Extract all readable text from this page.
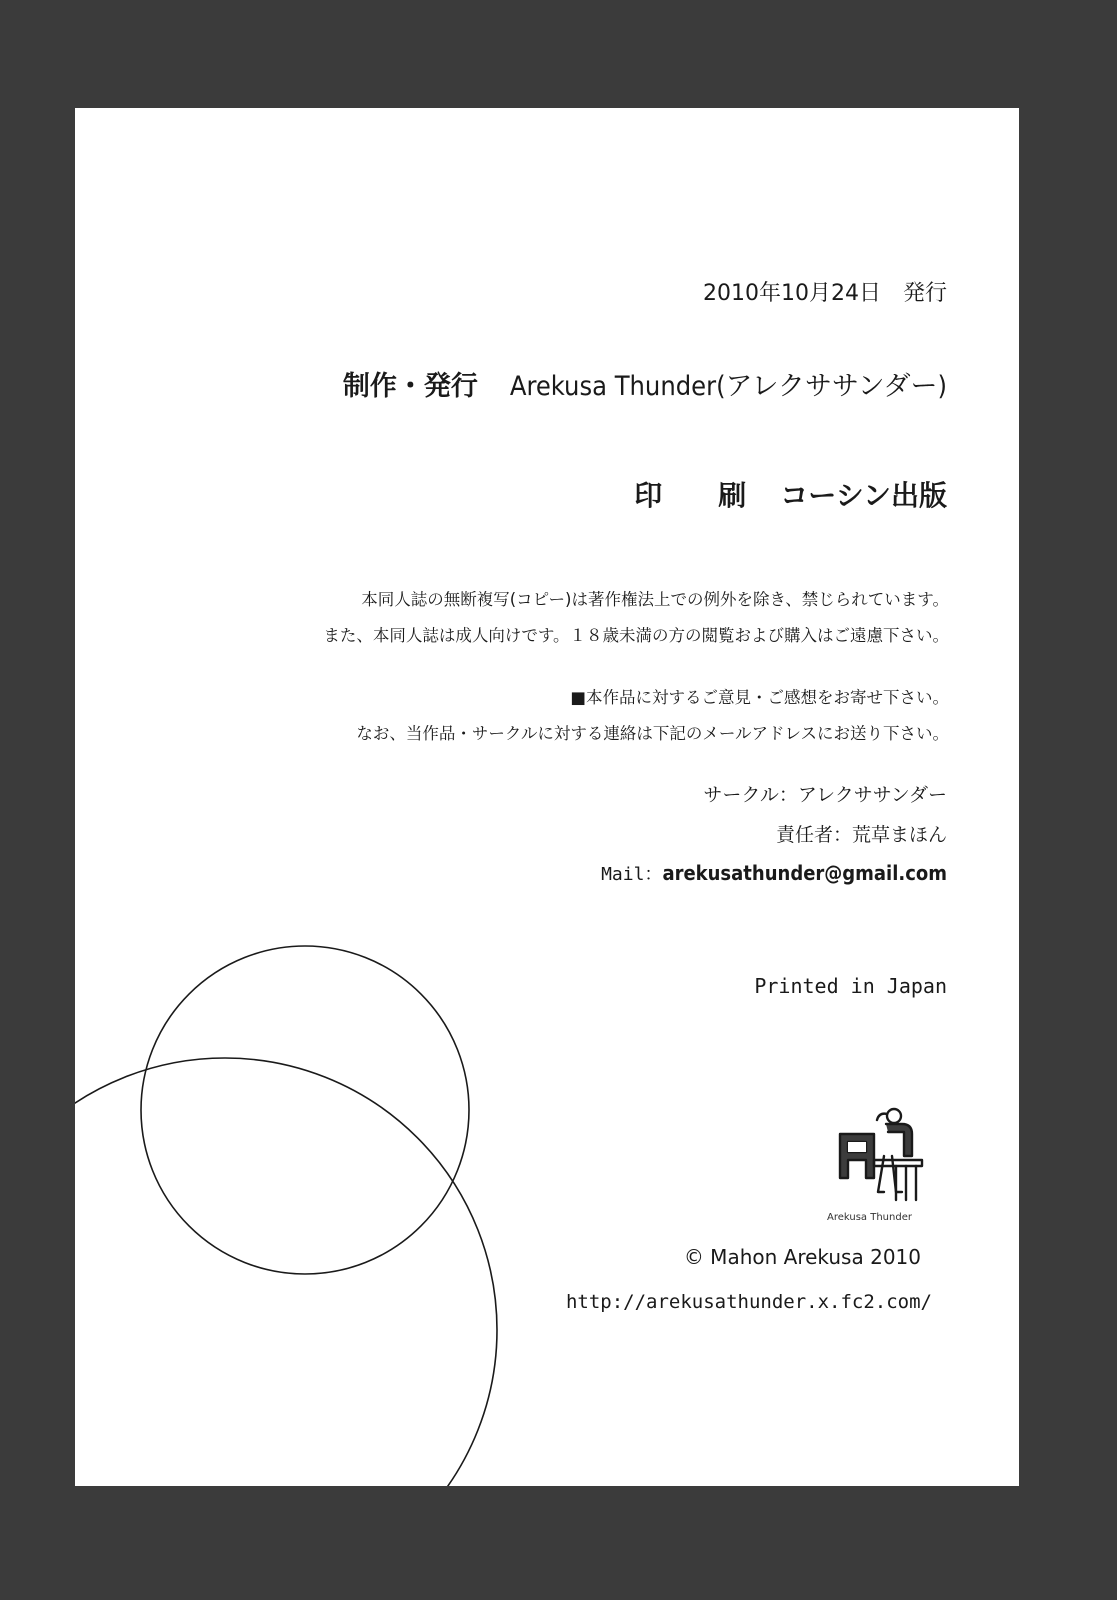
2010年10月24日　発行
制作・発行 Arekusa Thunder(アレクササンダー)
印　　刷 コーシン出版
本同人誌の無断複写(コピー)は著作権法上での例外を除き、禁じられています。
また、本同人誌は成人向けです。１８歳未満の方の閲覧および購入はご遠慮下さい。
■本作品に対するご意見・ご感想をお寄せ下さい。
なお、当作品・サークルに対する連絡は下記のメールアドレスにお送り下さい。
サークル：アレクササンダー
責任者：荒草まほん
Mail：arekusathunder@gmail.com
Printed in Japan
Arekusa Thunder
© Mahon Arekusa 2010
http://arekusathunder.x.fc2.com/
